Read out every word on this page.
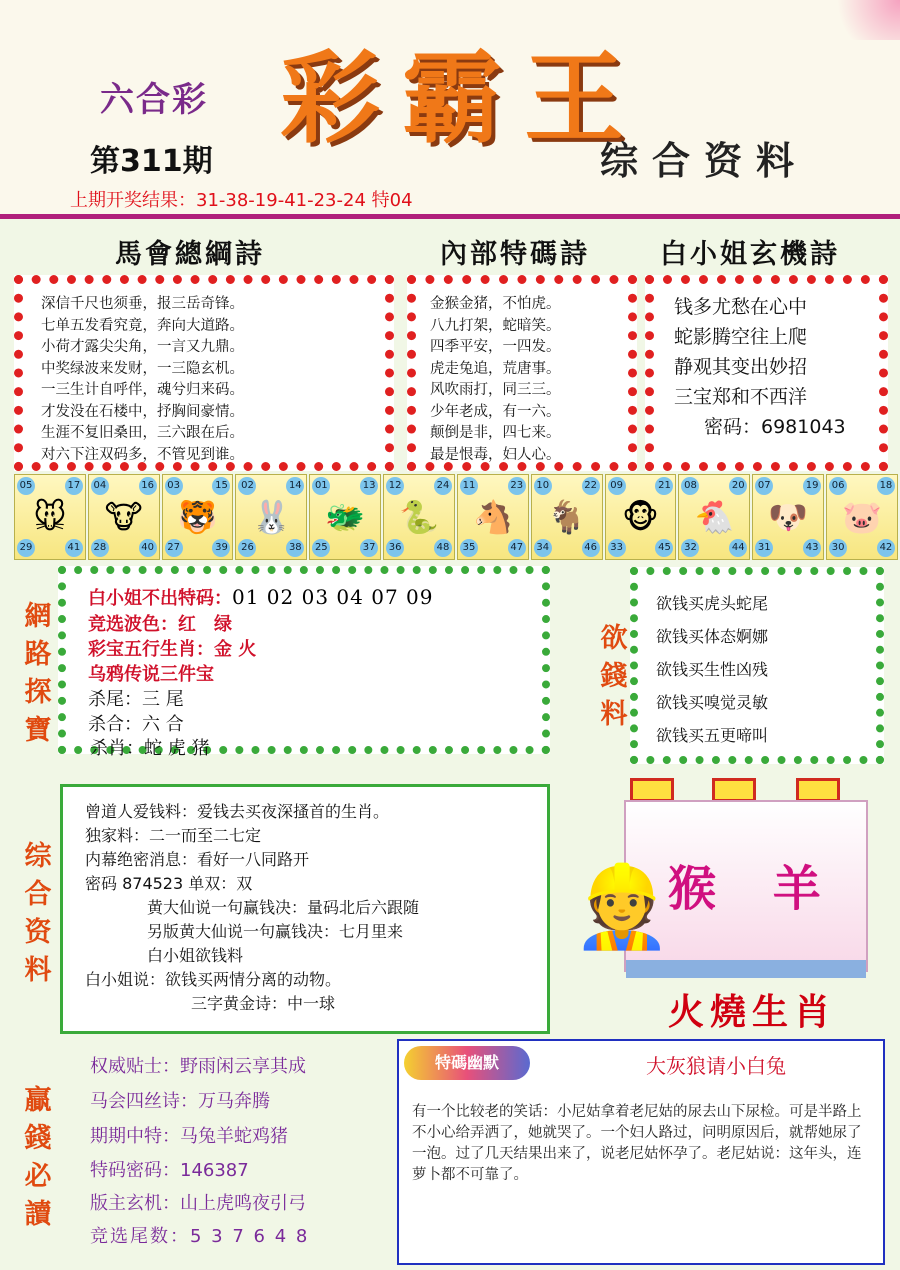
六合彩 彩霸王
第311期	综合资料
上期开奖结果：31-38-19-41-23-24 特04
馬會總綱詩	內部特碼詩	白小姐玄機詩
深信千尺也须垂，报三岳奇锋。
七单五发看究竟，奔向大道路。
小荷才露尖尖角，一言又九鼎。
中奖绿波来发财，一三隐玄机。
一三生计自呼伴，魂兮归来码。
才发没在石楼中，抒胸间豪情。
生涯不复旧桑田，三六跟在后。
对六下注双码多，不管见到谁。
金猴金猪，不怕虎。
八九打架，蛇暗笑。
四季平安，一四发。
虎走兔追，荒唐事。
风吹雨打，同三三。
少年老成，有一六。
颠倒是非，四七来。
最是恨毒，妇人心。
钱多尤愁在心中
蛇影腾空往上爬
静观其变出妙招
三宝郑和不西洋
密码：6981043
🐭
05	17
29	41
🐮
04	16
28	40
🐯
03	15
27	39
🐰
02	14
26	38
🐲
01	13
25	37
🐍
12	24
36	48
🐴
11	23
35	47
🐐
10	22
34	46
🐵
09	21
33	45
🐔
08	20
32	44
🐶
07	19
31	43
🐷
06	18
30	42
網路探寶
白小姐不出特码：01 02 03 04 07 09
竞选波色：红　绿
彩宝五行生肖：金 火
乌鸦传说三件宝
杀尾：三 尾
杀合：六 合
杀肖：蛇 虎 猪
欲錢料
欲钱买虎头蛇尾
欲钱买体态婀娜
欲钱买生性凶残
欲钱买嗅觉灵敏
欲钱买五更啼叫
综合资料
曾道人爱钱料：爱钱去买夜深搔首的生肖。
独家料：二一而至二七定
内幕绝密消息：看好一八同路开
密码 874523 单双：双
黄大仙说一句赢钱决：量码北后六跟随
另版黄大仙说一句赢钱决：七月里来
白小姐欲钱料
白小姐说：欲钱买两情分离的动物。
三字黄金诗：中一球
猴 羊
👷
火燒生肖
贏錢必讀
权威贴士：野雨闲云享其成
马会四丝诗：万马奔腾
期期中特：马兔羊蛇鸡猪
特码密码：146387
版主玄机：山上虎鸣夜引弓
竞选尾数：5 3 7 6 4 8
特碼幽默	大灰狼请小白兔
有一个比较老的笑话：小尼姑拿着老尼姑的尿去山下尿检。可是半路上不小心给弄洒了，她就哭了。一个妇人路过，问明原因后，就帮她尿了一泡。过了几天结果出来了，说老尼姑怀孕了。老尼姑说：这年头，连萝卜都不可靠了。
